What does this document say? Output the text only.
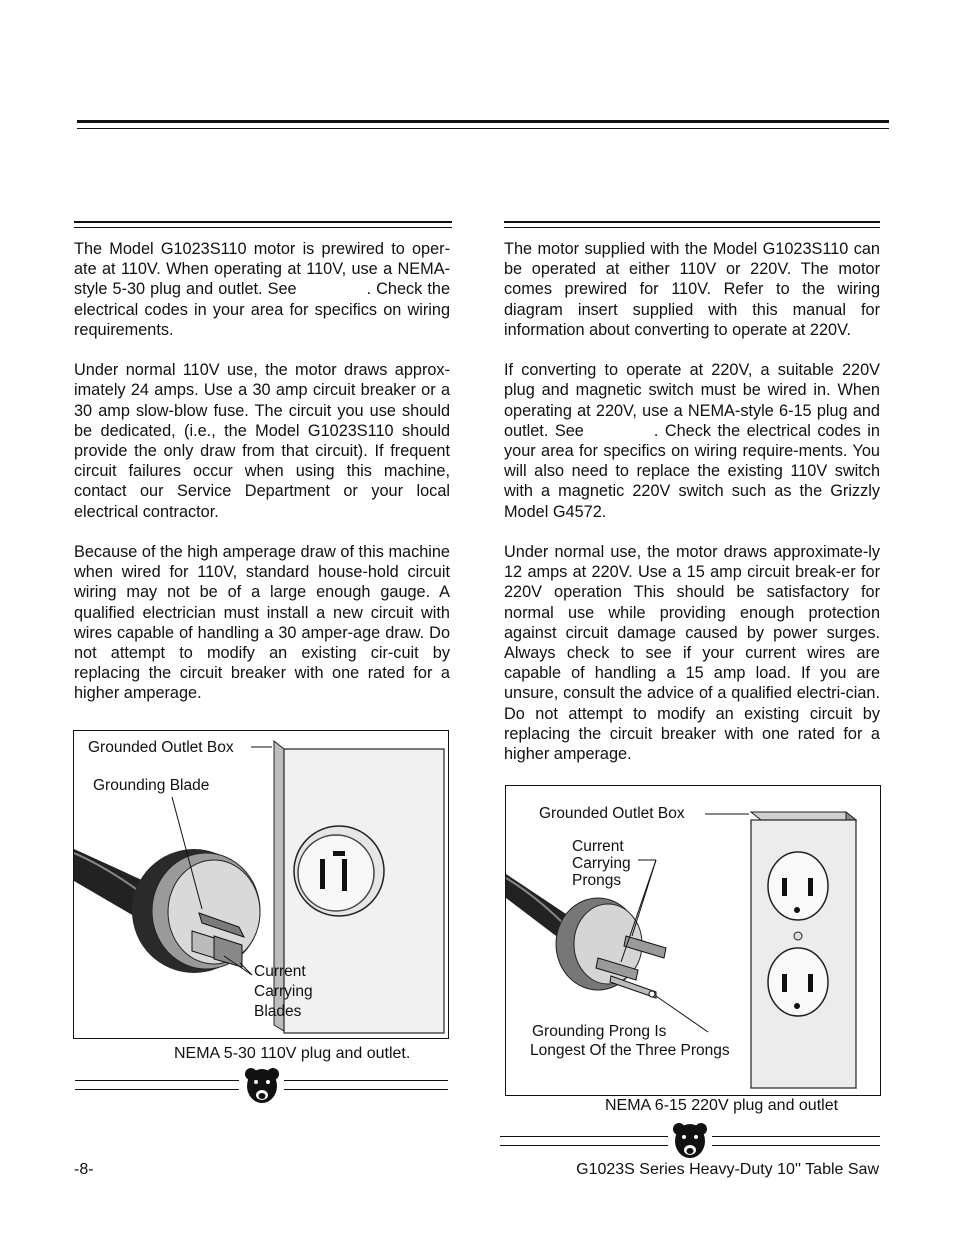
The Model G1023S110 motor is prewired to oper-ate at 110V. When operating at 110V, use a NEMA-style 5-30 plug and outlet. See	. Check the electrical codes in your area for specifics on wiring requirements.

Under normal 110V use, the motor draws approx-imately 24 amps. Use a 30 amp circuit breaker or a 30 amp slow-blow fuse. The circuit you use should be dedicated, (i.e., the Model G1023S110 should provide the only draw from that circuit). If frequent circuit failures occur when using this machine, contact our Service Department or your local electrical contractor.

Because of the high amperage draw of this machine when wired for 110V, standard house-hold circuit wiring may not be of a large enough gauge. A qualified electrician must install a new circuit with wires capable of handling a 30 amper-age draw. Do not attempt to modify an existing cir-cuit by replacing the circuit breaker with one rated for a higher amperage.

The motor supplied with the Model G1023S110 can be operated at either 110V or 220V. The motor comes prewired for 110V. Refer to the wiring diagram insert supplied with this manual for information about converting to operate at 220V.

If converting to operate at 220V, a suitable 220V plug and magnetic switch must be wired in. When operating at 220V, use a NEMA-style 6-15 plug and outlet. See	. Check the electrical codes in your area for specifics on wiring require-ments. You will also need to replace the existing 110V switch with a magnetic 220V switch such as the Grizzly Model G4572.

Under normal use, the motor draws approximate-ly 12 amps at 220V. Use a 15 amp circuit break-er for 220V operation This should be satisfactory for normal use while providing enough protection against circuit damage caused by power surges. Always check to see if your current wires are capable of handling a 15 amp load. If you are unsure, consult the advice of a qualified electri-cian. Do not attempt to modify an existing circuit by replacing the circuit breaker with one rated for a higher amperage.

Grounded Outlet Box
Grounding Blade
Current
Carrying
Blades
NEMA 5-30 110V plug and outlet.
Grounded Outlet Box
Current
Carrying
Prongs
Grounding Prong Is
Longest Of the Three Prongs
NEMA 6-15 220V plug and outlet
-8-	G1023S Series Heavy-Duty 10'' Table Saw
